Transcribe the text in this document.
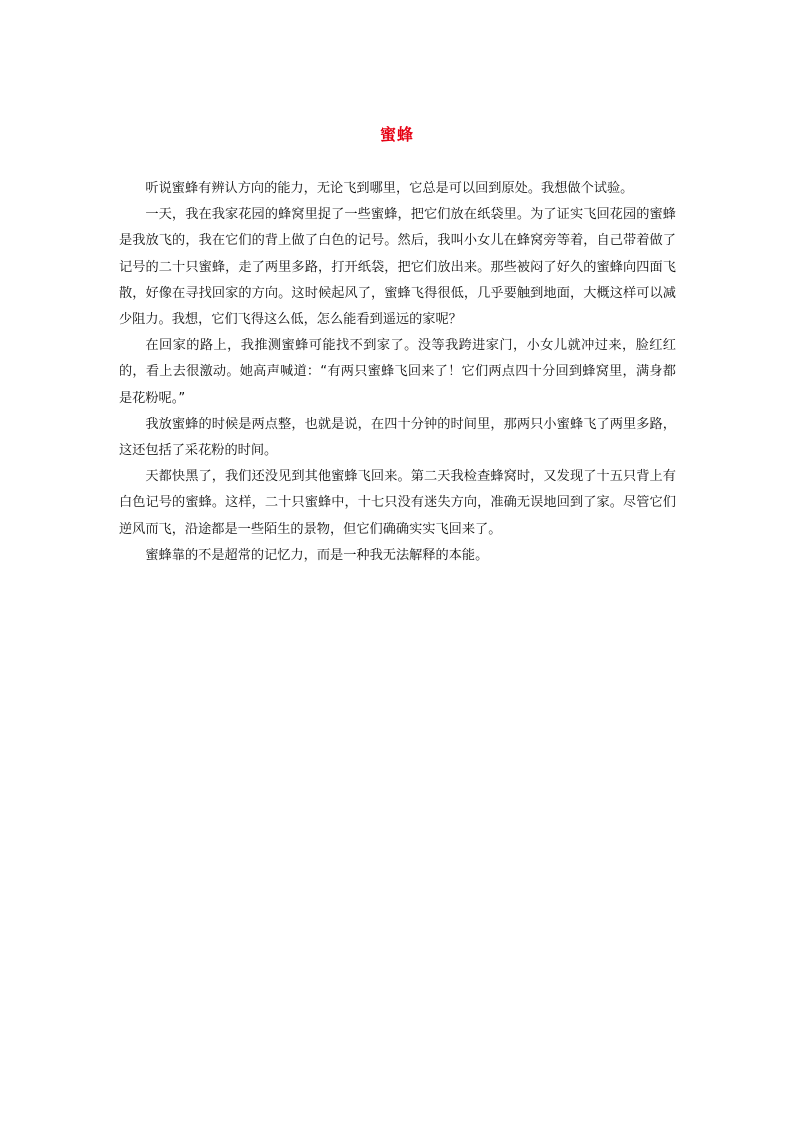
蜜蜂

听说蜜蜂有辨认方向的能力，无论飞到哪里，它总是可以回到原处。我想做个试验。

一天，我在我家花园的蜂窝里捉了一些蜜蜂，把它们放在纸袋里。为了证实飞回花园的蜜蜂是我放飞的，我在它们的背上做了白色的记号。然后，我叫小女儿在蜂窝旁等着，自己带着做了记号的二十只蜜蜂，走了两里多路，打开纸袋，把它们放出来。那些被闷了好久的蜜蜂向四面飞散，好像在寻找回家的方向。这时候起风了，蜜蜂飞得很低，几乎要触到地面，大概这样可以减少阻力。我想，它们飞得这么低，怎么能看到遥远的家呢？

在回家的路上，我推测蜜蜂可能找不到家了。没等我跨进家门，小女儿就冲过来，脸红红的，看上去很激动。她高声喊道：“有两只蜜蜂飞回来了！它们两点四十分回到蜂窝里，满身都是花粉呢。”

我放蜜蜂的时候是两点整，也就是说，在四十分钟的时间里，那两只小蜜蜂飞了两里多路，这还包括了采花粉的时间。

天都快黑了，我们还没见到其他蜜蜂飞回来。第二天我检查蜂窝时，又发现了十五只背上有白色记号的蜜蜂。这样，二十只蜜蜂中，十七只没有迷失方向，准确无误地回到了家。尽管它们逆风而飞，沿途都是一些陌生的景物，但它们确确实实飞回来了。

蜜蜂靠的不是超常的记忆力，而是一种我无法解释的本能。
